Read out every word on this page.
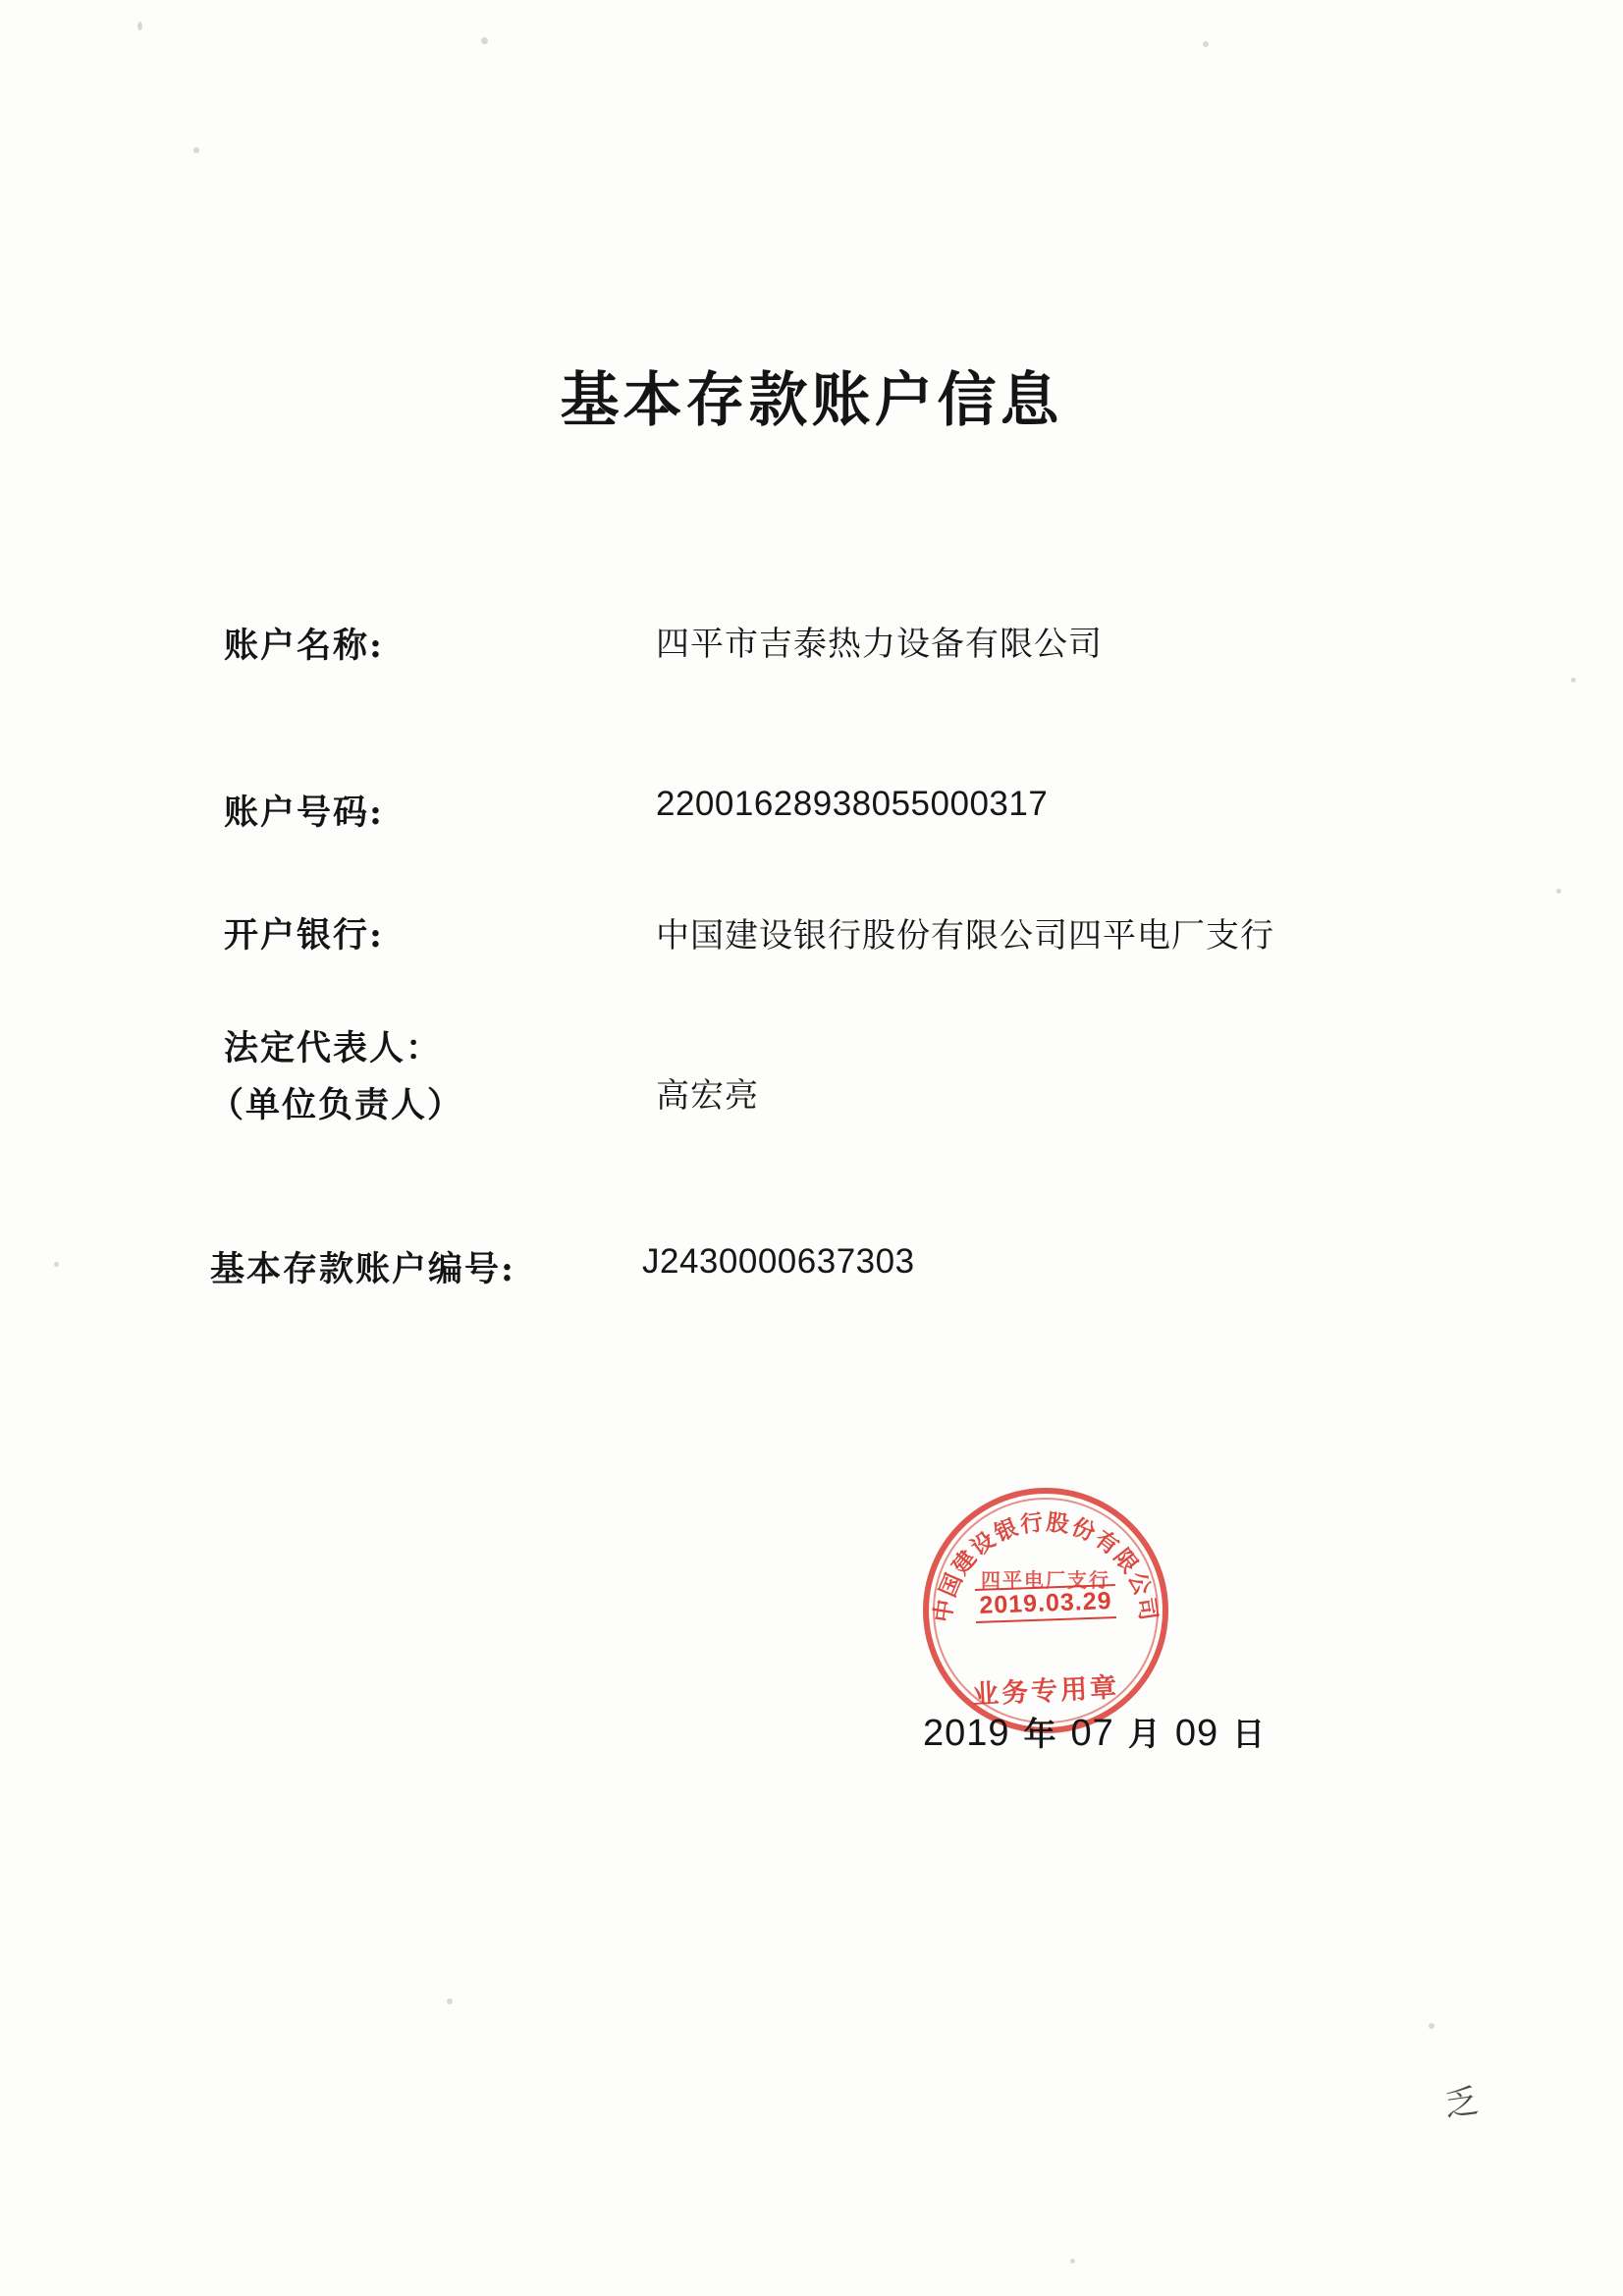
基本存款账户信息
账户名称:	四平市吉泰热力设备有限公司
账户号码:	22001628938055000317
开户银行:	中国建设银行股份有限公司四平电厂支行
法定代表人：
（单位负责人）	高宏亮
基本存款账户编号:	J2430000637303
中国建设银行股份有限公司
四平电厂支行
2019.03.29
业务专用章
2019 年 07 月 09 日
乏
